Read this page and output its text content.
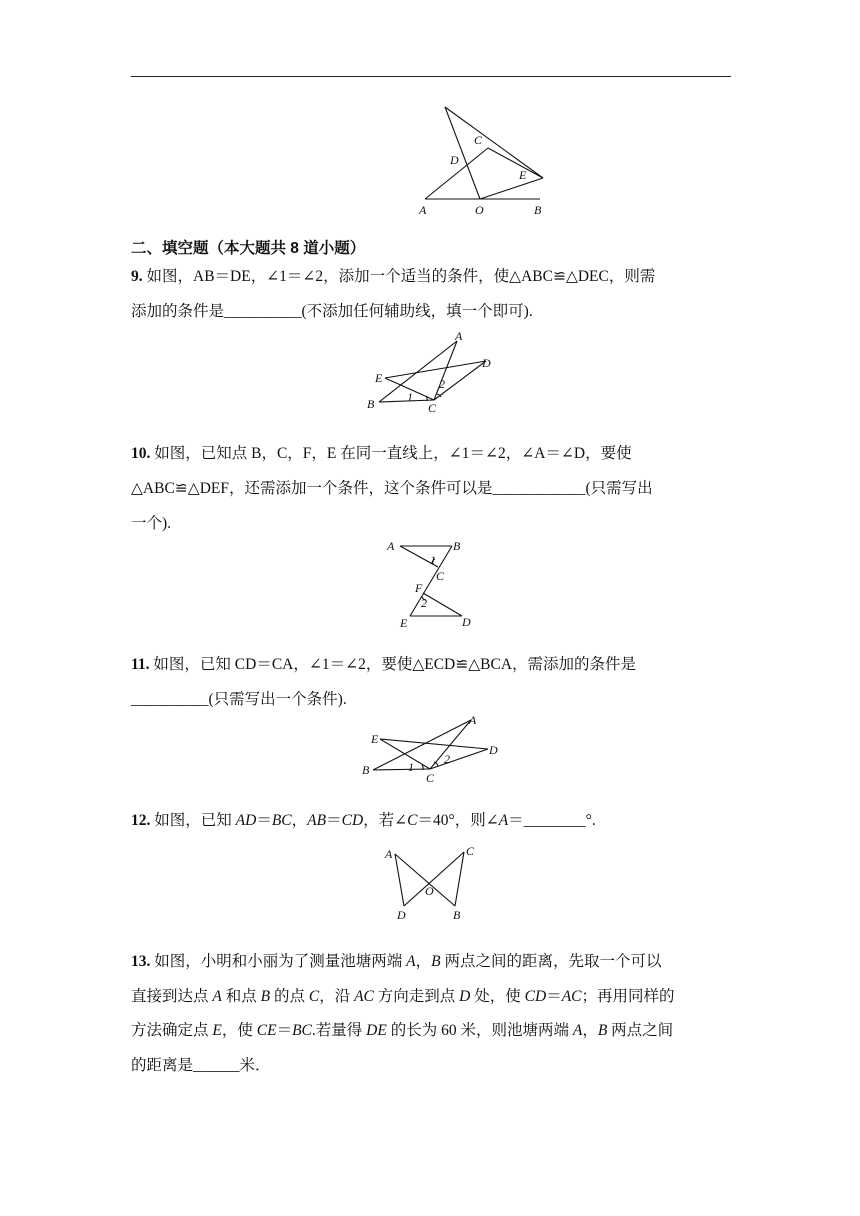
A	O	B
C
D
E
二、填空题（本大题共 8 道小题）
9. 如图，AB＝DE，∠1＝∠2，添加一个适当的条件，使△ABC≌△DEC，则需
添加的条件是__________(不添加任何辅助线，填一个即可).
A
D
E
B	C
1
2
10. 如图，已知点 B，C，F，E 在同一直线上，∠1＝∠2，∠A＝∠D，要使
△ABC≌△DEF，还需添加一个条件，这个条件可以是____________(只需写出
一个).
A	B
1
C
F
2
E	D
11. 如图，已知 CD＝CA，∠1＝∠2，要使△ECD≌△BCA，需添加的条件是
__________(只需写出一个条件).
A
E
D
B
C
1
2
12. 如图，已知 AD＝BC，AB＝CD，若∠C＝40°，则∠A＝________°.
A	C
O
D	B
13. 如图，小明和小丽为了测量池塘两端 A，B 两点之间的距离，先取一个可以
直接到达点 A 和点 B 的点 C，沿 AC 方向走到点 D 处，使 CD＝AC；再用同样的
方法确定点 E，使 CE＝BC.若量得 DE 的长为 60 米，则池塘两端 A，B 两点之间
的距离是______米．
